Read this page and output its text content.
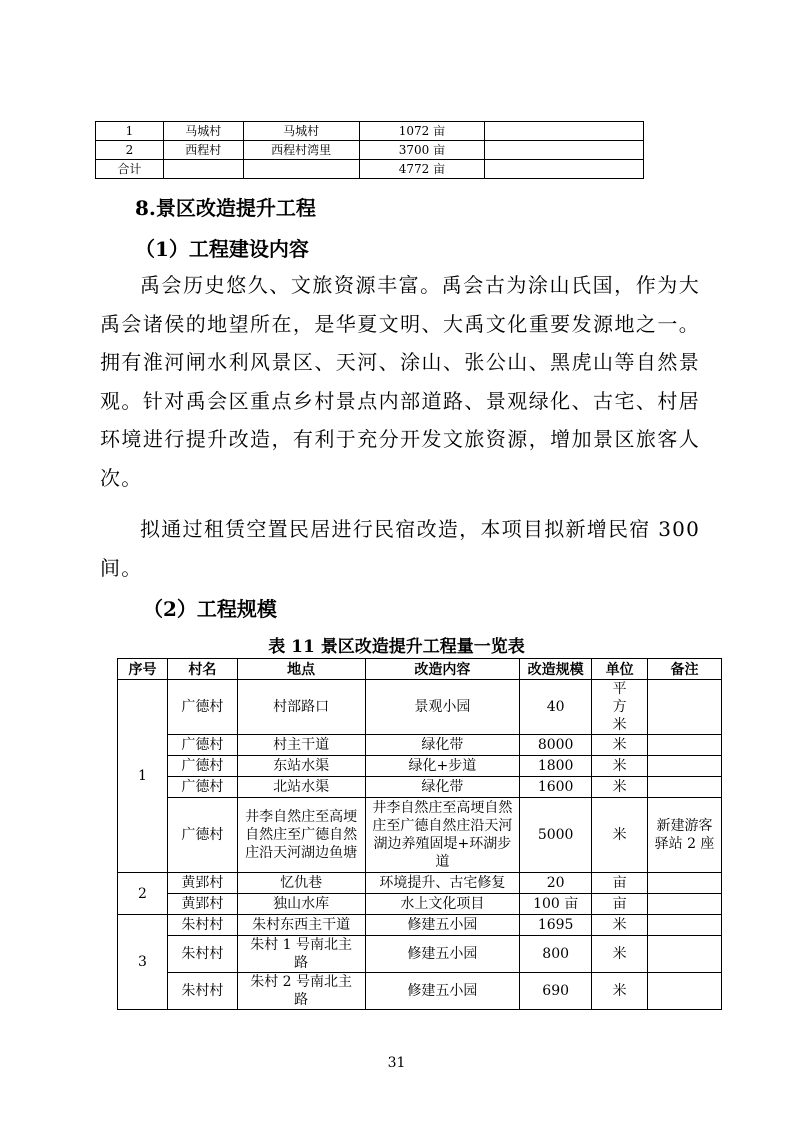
1	马城村	马城村	1072 亩	
2	西程村	西程村湾里	3700 亩	
合计			4772 亩	
8.景区改造提升工程
（1）工程建设内容

禹会历史悠久、文旅资源丰富。禹会古为涂山氏国，作为大禹会诸侯的地望所在，是华夏文明、大禹文化重要发源地之一。拥有淮河闸水利风景区、天河、涂山、张公山、黑虎山等自然景观。针对禹会区重点乡村景点内部道路、景观绿化、古宅、村居环境进行提升改造，有利于充分开发文旅资源，增加景区旅客人次。

拟通过租赁空置民居进行民宿改造，本项目拟新增民宿 300间。

（2）工程规模

表 11 景区改造提升工程量一览表

序号	村名	地点	改造内容	改造规模	单位	备注
1	广德村	村部路口	景观小园	40	平方米	
	广德村	村主干道	绿化带	8000	米	
	广德村	东站水渠	绿化+步道	1800	米	
	广德村	北站水渠	绿化带	1600	米	
	广德村	井李自然庄至高埂自然庄至广德自然庄沿天河湖边鱼塘	井李自然庄至高埂自然庄至广德自然庄沿天河湖边养殖固堤+环湖步道	5000	米	新建游客驿站 2 座
2	黄郢村	忆仇巷	环境提升、古宅修复	20	亩	
	黄郢村	独山水库	水上文化项目	100 亩	亩	
3	朱村村	朱村东西主干道	修建五小园	1695	米	
	朱村村	朱村 1 号南北主路	修建五小园	800	米	
	朱村村	朱村 2 号南北主路	修建五小园	690	米	

31
